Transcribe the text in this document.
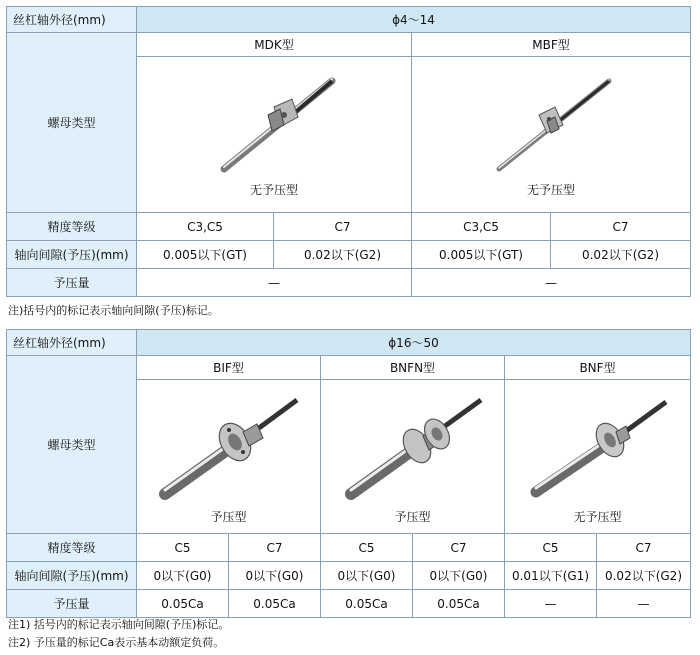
丝杠轴外径(mm)	ϕ4～14			
螺母类型	MDK型		MBF型	

	无予压型		无予压型	

精度等级	C3,C5	C7	C3,C5	C7
轴向间隙(予压)(mm)	0.005以下(GT)	0.02以下(G2)	0.005以下(GT)	0.02以下(G2)
予压量	—		—	
注)括号内的标记表示轴向间隙(予压)标记。
丝杠轴外径(mm)	ϕ16～50					
螺母类型	BIF型		BNFN型		BNF型	

	予压型		予压型		无予压型	

精度等级	C5	C7	C5	C7	C5	C7
轴向间隙(予压)(mm)	0以下(G0)	0以下(G0)	0以下(G0)	0以下(G0)	0.01以下(G1)	0.02以下(G2)
予压量	0.05Ca	0.05Ca	0.05Ca	0.05Ca	—	—
注1) 括号内的标记表示轴向间隙(予压)标记。
注2) 予压量的标记Ca表示基本动额定负荷。
